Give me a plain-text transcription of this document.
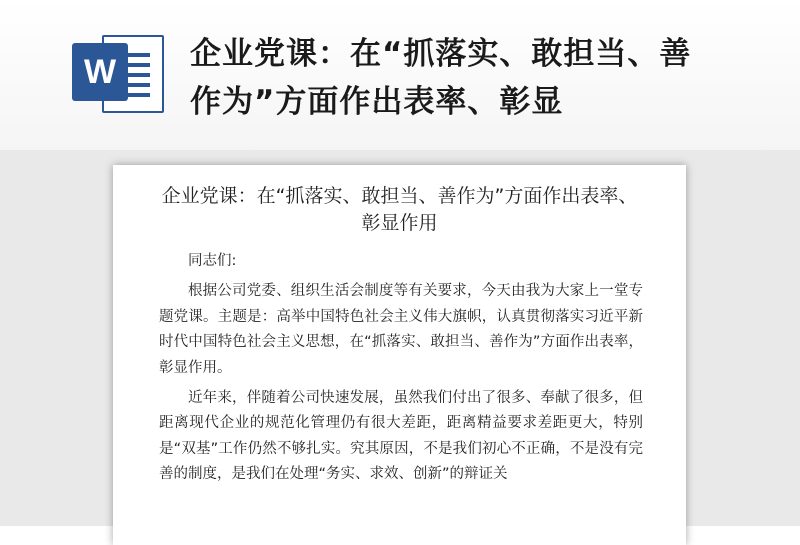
W	企业党课：在“抓落实、敢担当、善作为”方面作出表率、彰显
企业党课：在“抓落实、敢担当、善作为”方面作出表率、彰显作用

同志们:

根据公司党委、组织生活会制度等有关要求，今天由我为大家上一堂专题党课。主题是：高举中国特色社会主义伟大旗帜，认真贯彻落实习近平新时代中国特色社会主义思想，在“抓落实、敢担当、善作为”方面作出表率，彰显作用。

近年来，伴随着公司快速发展，虽然我们付出了很多、奉献了很多，但距离现代企业的规范化管理仍有很大差距，距离精益要求差距更大，特别是“双基”工作仍然不够扎实。究其原因，不是我们初心不正确，不是没有完善的制度，是我们在处理“务实、求效、创新”的辩证关
